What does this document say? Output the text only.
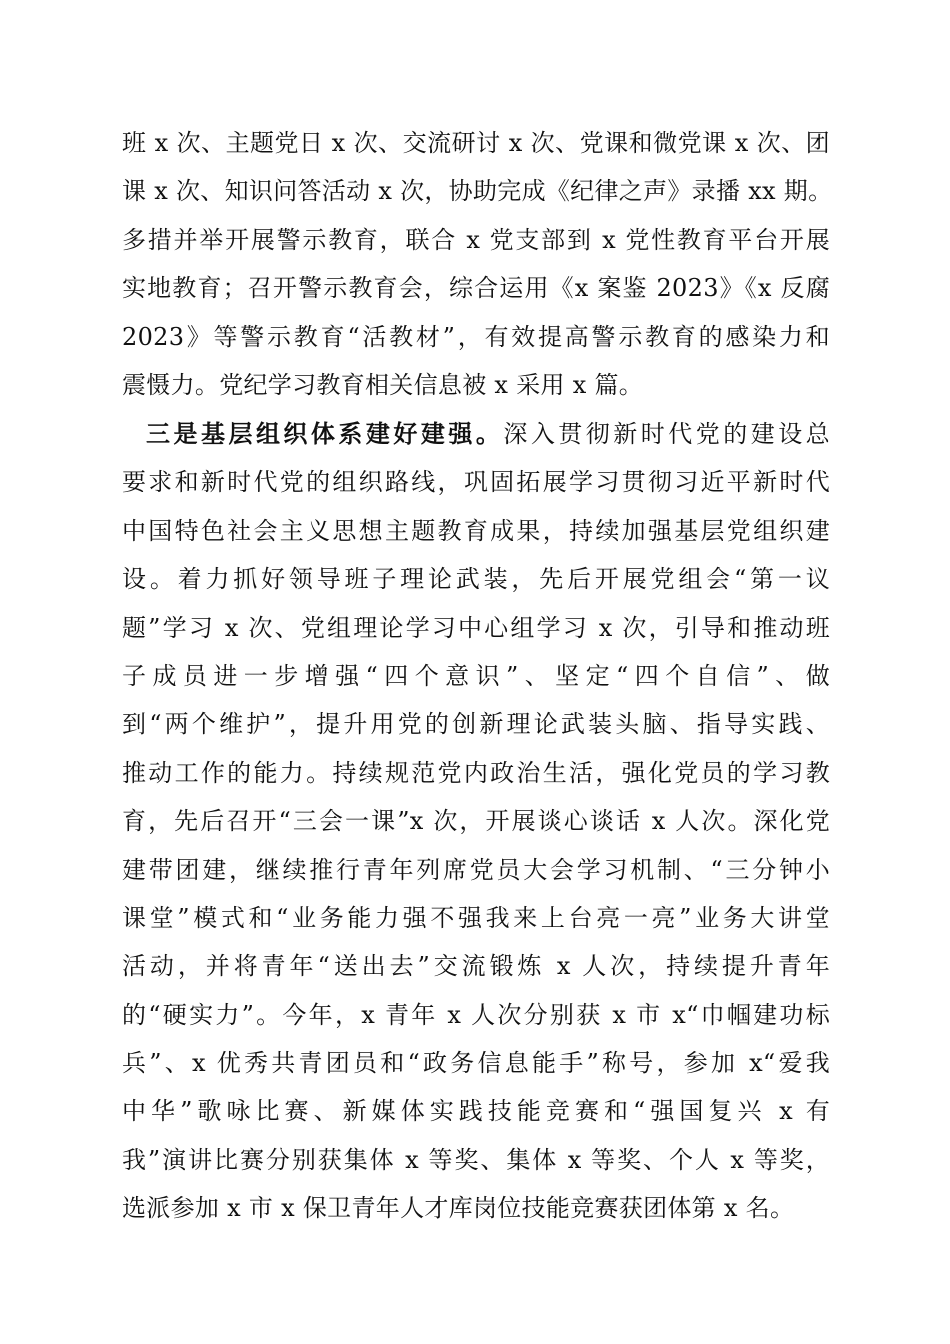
班 x 次、主题党日 x 次、交流研讨 x 次、党课和微党课 x 次、团
课 x 次、知识问答活动 x 次，协助完成《纪律之声》录播 xx 期。
多措并举开展警示教育，联合 x 党支部到 x 党性教育平台开展
实地教育；召开警示教育会，综合运用《x 案鉴 2023》《x 反腐
2023》等警示教育“活教材”，有效提高警示教育的感染力和
震慑力。党纪学习教育相关信息被 x 采用 x 篇。
三是基层组织体系建好建强。深入贯彻新时代党的建设总
要求和新时代党的组织路线，巩固拓展学习贯彻习近平新时代
中国特色社会主义思想主题教育成果，持续加强基层党组织建
设。着力抓好领导班子理论武装，先后开展党组会“第一议
题”学习 x 次、党组理论学习中心组学习 x 次，引导和推动班
子成员进一步增强“四个意识”、坚定“四个自信”、做
到“两个维护”，提升用党的创新理论武装头脑、指导实践、
推动工作的能力。持续规范党内政治生活，强化党员的学习教
育，先后召开“三会一课”x 次，开展谈心谈话 x 人次。深化党
建带团建，继续推行青年列席党员大会学习机制、“三分钟小
课堂”模式和“业务能力强不强我来上台亮一亮”业务大讲堂
活动，并将青年“送出去”交流锻炼 x 人次，持续提升青年
的“硬实力”。今年，x 青年 x 人次分别获 x 市 x“巾帼建功标
兵”、x 优秀共青团员和“政务信息能手”称号，参加 x“爱我
中华”歌咏比赛、新媒体实践技能竞赛和“强国复兴 x 有
我”演讲比赛分别获集体 x 等奖、集体 x 等奖、个人 x 等奖，
选派参加 x 市 x 保卫青年人才库岗位技能竞赛获团体第 x 名。
